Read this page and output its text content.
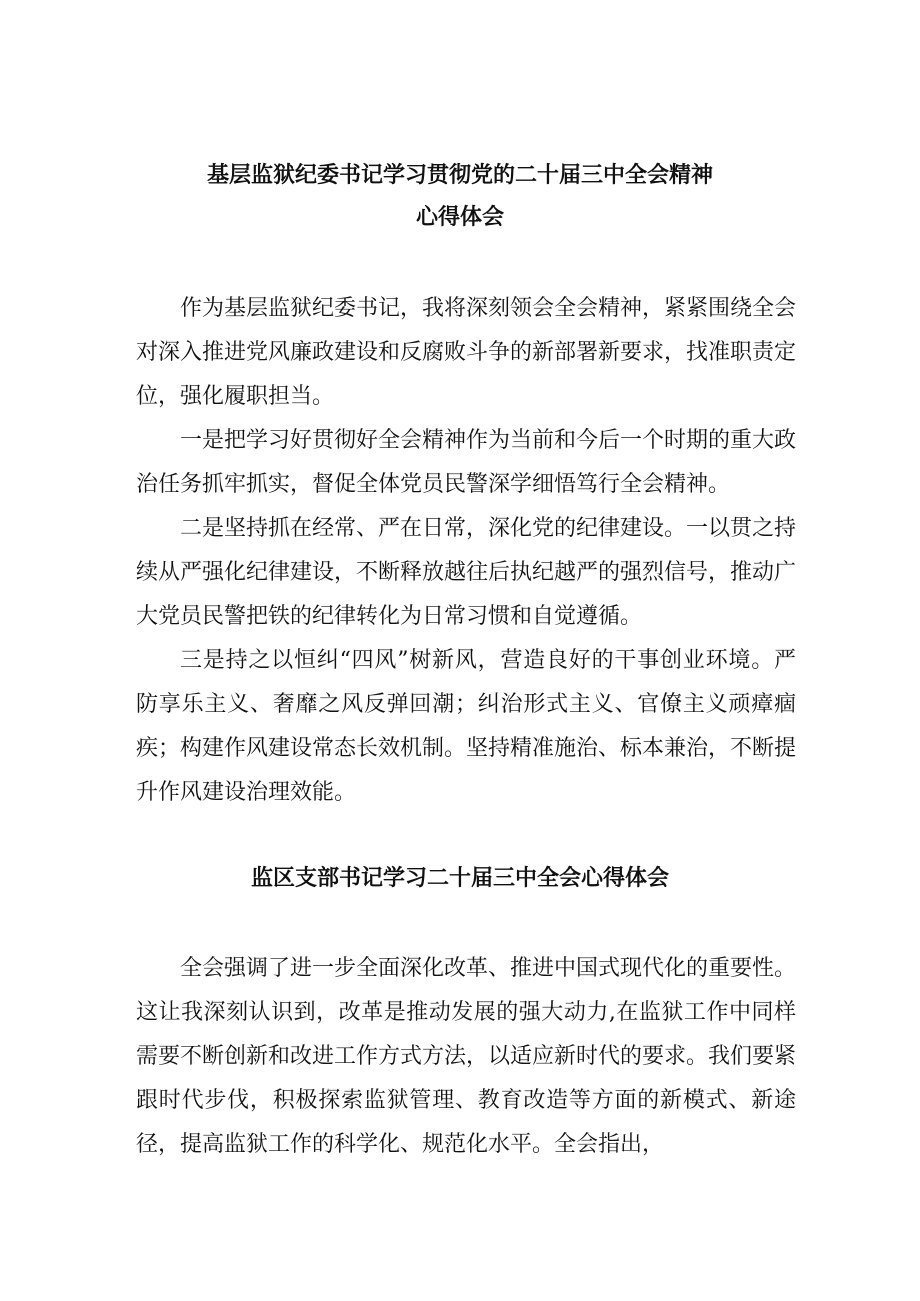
基层监狱纪委书记学习贯彻党的二十届三中全会精神
心得体会

作为基层监狱纪委书记，我将深刻领会全会精神，紧紧围绕全会对深入推进党风廉政建设和反腐败斗争的新部署新要求，找准职责定位，强化履职担当。

一是把学习好贯彻好全会精神作为当前和今后一个时期的重大政治任务抓牢抓实，督促全体党员民警深学细悟笃行全会精神。

二是坚持抓在经常、严在日常，深化党的纪律建设。一以贯之持续从严强化纪律建设，不断释放越往后执纪越严的强烈信号，推动广大党员民警把铁的纪律转化为日常习惯和自觉遵循。

三是持之以恒纠“四风”树新风，营造良好的干事创业环境。严防享乐主义、奢靡之风反弹回潮；纠治形式主义、官僚主义顽瘴痼疾；构建作风建设常态长效机制。坚持精准施治、标本兼治，不断提升作风建设治理效能。

监区支部书记学习二十届三中全会心得体会

全会强调了进一步全面深化改革、推进中国式现代化的重要性。这让我深刻认识到，改革是推动发展的强大动力,在监狱工作中同样需要不断创新和改进工作方式方法，以适应新时代的要求。我们要紧跟时代步伐，积极探索监狱管理、教育改造等方面的新模式、新途径，提高监狱工作的科学化、规范化水平。全会指出，
